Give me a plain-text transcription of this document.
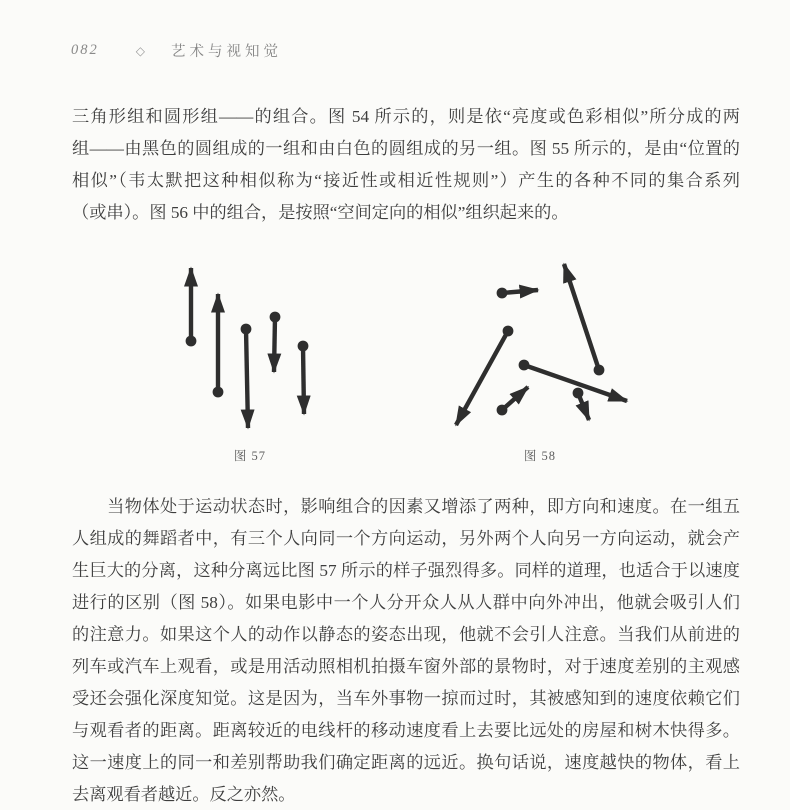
082	◇ 艺术与视知觉
三角形组和圆形组——的组合。图 54 所示的，则是依“亮度或色彩相似”所分成的两
组——由黑色的圆组成的一组和由白色的圆组成的另一组。图 55 所示的，是由“位置的
相似”（韦太默把这种相似称为“接近性或相近性规则”）产生的各种不同的集合系列
（或串）。图 56 中的组合，是按照“空间定向的相似”组织起来的。
图 57	图 58
　　当物体处于运动状态时，影响组合的因素又增添了两种，即方向和速度。在一组五
人组成的舞蹈者中，有三个人向同一个方向运动，另外两个人向另一方向运动，就会产
生巨大的分离，这种分离远比图 57 所示的样子强烈得多。同样的道理，也适合于以速度
进行的区别（图 58）。如果电影中一个人分开众人从人群中向外冲出，他就会吸引人们
的注意力。如果这个人的动作以静态的姿态出现，他就不会引人注意。当我们从前进的
列车或汽车上观看，或是用活动照相机拍摄车窗外部的景物时，对于速度差别的主观感
受还会强化深度知觉。这是因为，当车外事物一掠而过时，其被感知到的速度依赖它们
与观看者的距离。距离较近的电线杆的移动速度看上去要比远处的房屋和树木快得多。
这一速度上的同一和差别帮助我们确定距离的远近。换句话说，速度越快的物体，看上
去离观看者越近。反之亦然。
